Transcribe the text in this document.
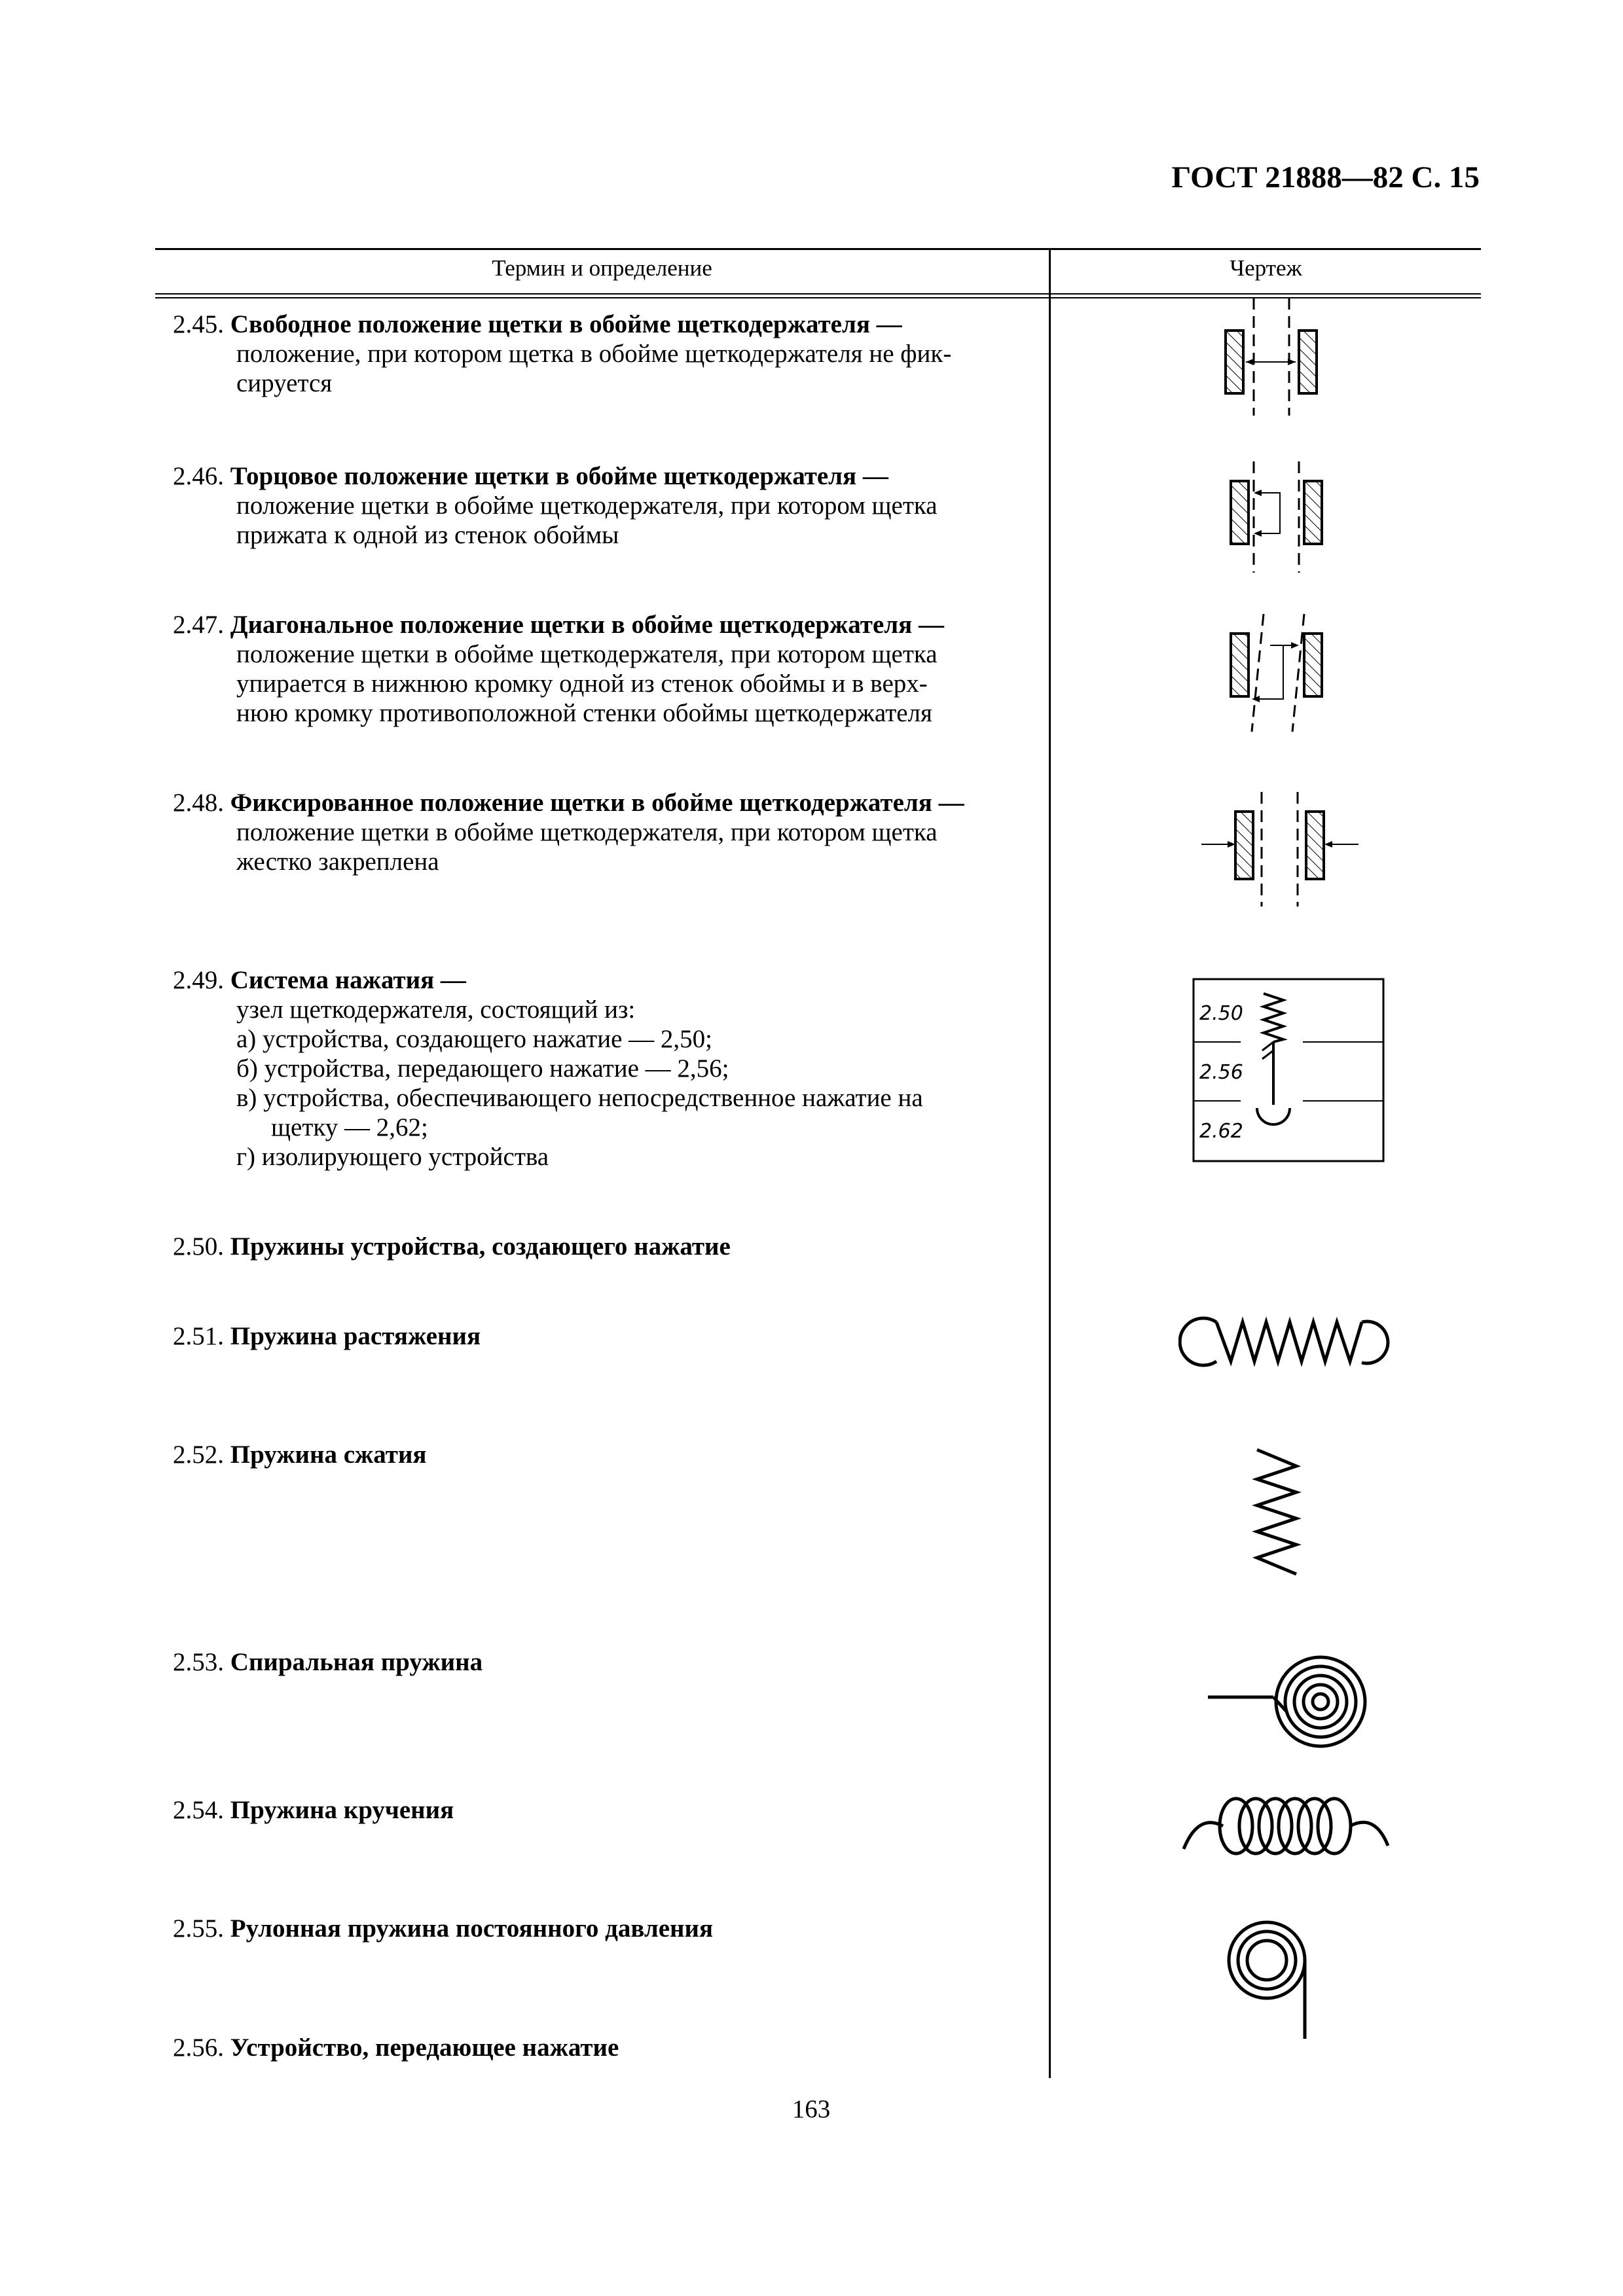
ГОСТ 21888—82 С. 15
Термин и определение	Чертеж
2.45. Свободное положение щетки в обойме щеткодержателя —
положение, при котором щетка в обойме щеткодержателя не фик-
сируется
2.46. Торцовое положение щетки в обойме щеткодержателя —
положение щетки в обойме щеткодержателя, при котором щетка
прижата к одной из стенок обоймы
2.47. Диагональное положение щетки в обойме щеткодержателя —
положение щетки в обойме щеткодержателя, при котором щетка
упирается в нижнюю кромку одной из стенок обоймы и в верх-
нюю кромку противоположной стенки обоймы щеткодержателя
2.48. Фиксированное положение щетки в обойме щеткодержателя —
положение щетки в обойме щеткодержателя, при котором щетка
жестко закреплена
2.49. Система нажатия —
узел щеткодержателя, состоящий из:
а) устройства, создающего нажатие — 2,50;
б) устройства, передающего нажатие — 2,56;
в) устройства, обеспечивающего непосредственное нажатие на
щетку — 2,62;
г) изолирующего устройства
2.50. Пружины устройства, создающего нажатие
2.51. Пружина растяжения
2.52. Пружина сжатия
2.53. Спиральная пружина
2.54. Пружина кручения
2.55. Рулонная пружина постоянного давления
2.56. Устройство, передающее нажатие
2.50
2.56
2.62
163
